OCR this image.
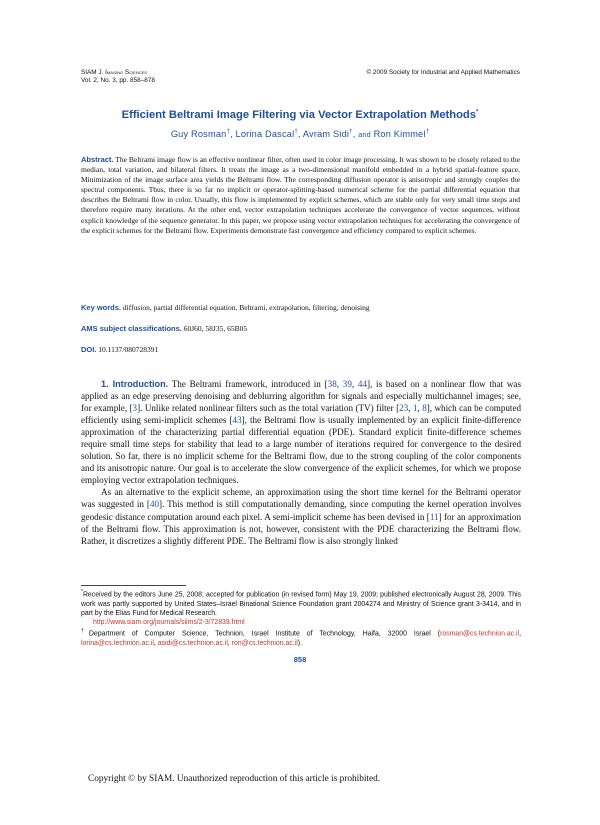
SIAM J. Imaging Sciences
Vol. 2, No. 3, pp. 858–878
© 2009 Society for Industrial and Applied Mathematics
Efficient Beltrami Image Filtering via Vector Extrapolation Methods*
Guy Rosman†, Lorina Dascal†, Avram Sidi†, and Ron Kimmel†
Abstract. The Beltrami image flow is an effective nonlinear filter, often used in color image processing. It was shown to be closely related to the median, total variation, and bilateral filters. It treats the image as a two-dimensional manifold embedded in a hybrid spatial-feature space. Minimization of the image surface area yields the Beltrami flow. The corresponding diffusion operator is anisotropic and strongly couples the spectral components. Thus, there is so far no implicit or operator-splitting-based numerical scheme for the partial differential equation that describes the Beltrami flow in color. Usually, this flow is implemented by explicit schemes, which are stable only for very small time steps and therefore require many iterations. At the other end, vector extrapolation techniques accelerate the convergence of vector sequences, without explicit knowledge of the sequence generator. In this paper, we propose using vector extrapolation techniques for accelerating the convergence of the explicit schemes for the Beltrami flow. Experiments demonstrate fast convergence and efficiency compared to explicit schemes.
Key words. diffusion, partial differential equation, Beltrami, extrapolation, filtering, denoising
AMS subject classifications. 60J60, 58J35, 65B05
DOI. 10.1137/080728391

1. Introduction. The Beltrami framework, introduced in [38, 39, 44], is based on a nonlinear flow that was applied as an edge preserving denoising and deblurring algorithm for signals and especially multichannel images; see, for example, [3]. Unlike related nonlinear filters such as the total variation (TV) filter [23, 1, 8], which can be computed efficiently using semi-implicit schemes [43], the Beltrami flow is usually implemented by an explicit finite-difference approximation of the characterizing partial differential equation (PDE). Standard explicit finite-difference schemes require small time steps for stability that lead to a large number of iterations required for convergence to the desired solution. So far, there is no implicit scheme for the Beltrami flow, due to the strong coupling of the color components and its anisotropic nature. Our goal is to accelerate the slow convergence of the explicit schemes, for which we propose employing vector extrapolation techniques.

As an alternative to the explicit scheme, an approximation using the short time kernel for the Beltrami operator was suggested in [40]. This method is still computationally demanding, since computing the kernel operation involves geodesic distance computation around each pixel. A semi-implicit scheme has been devised in [11] for an approximation of the Beltrami flow. This approximation is not, however, consistent with the PDE characterizing the Beltrami flow. Rather, it discretizes a slightly different PDE. The Beltrami flow is also strongly linked

*Received by the editors June 25, 2008; accepted for publication (in revised form) May 19, 2009; published electronically August 28, 2009. This work was partly supported by United States–Israel Binational Science Foundation grant 2004274 and Ministry of Science grant 3-3414, and in part by the Elias Fund for Medical Research.
http://www.siam.org/journals/siims/2-3/72839.html
†Department of Computer Science, Technion, Israel Institute of Technology, Haifa, 32000 Israel (rosman@cs.technion.ac.il, lorina@cs.technion.ac.il, asidi@cs.technion.ac.il, ron@cs.technion.ac.il).
858
Copyright © by SIAM. Unauthorized reproduction of this article is prohibited.
